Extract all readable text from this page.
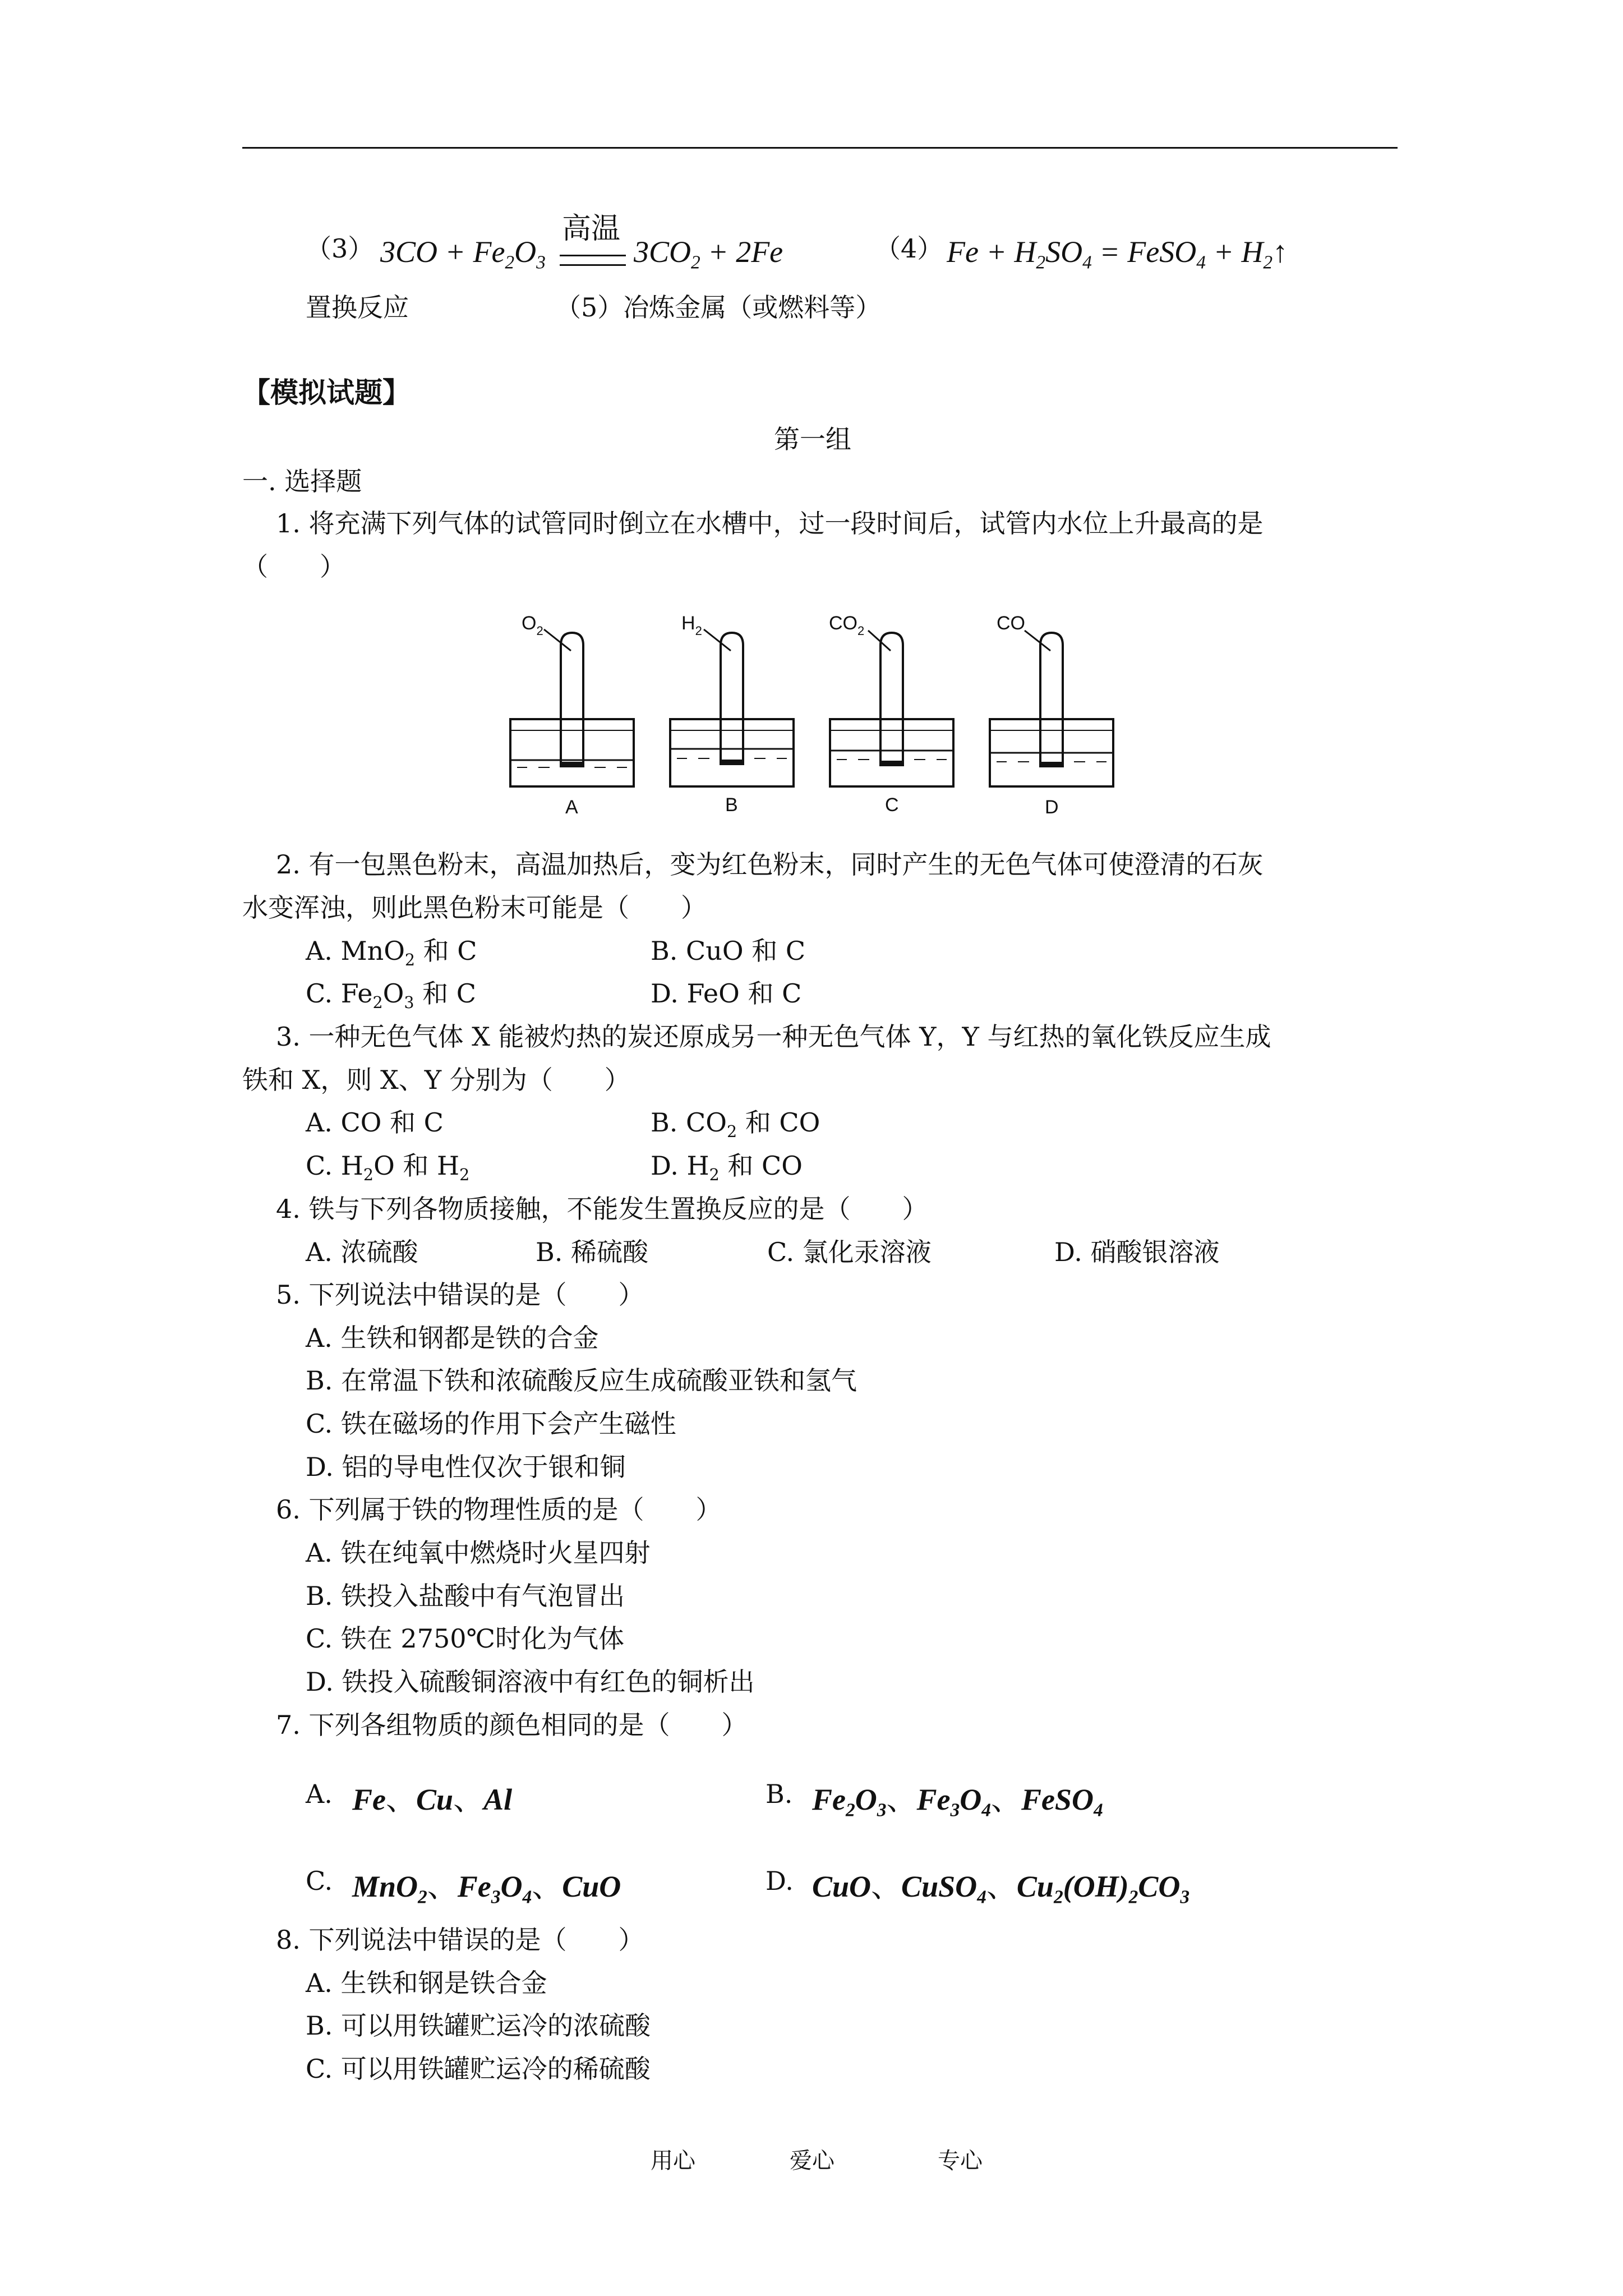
（3） $3CO + Fe_2O_3$
高温
$3CO_2 + 2Fe$	（4） $Fe + H_2SO_4$ = FeSO$_4$ + $H_2↑$
置换反应	（5）冶炼金属（或燃料等）
【模拟试题】
第一组
一. 选择题
1. 将充满下列气体的试管同时倒立在水槽中，过一段时间后，试管内水位上升最高的是
（　　）
$O_2$
A
$H_2$
B
$CO_2$
C
CO
D
2. 有一包黑色粉末，高温加热后，变为红色粉末，同时产生的无色气体可使澄清的石灰
水变浑浊，则此黑色粉末可能是（　　）
A. MnO$_2$ 和 C	B. CuO 和 C
C. $Fe_2O_3$ 和 C	D. FeO 和 C
3. 一种无色气体 X 能被灼热的炭还原成另一种无色气体 Y，Y 与红热的氧化铁反应生成
铁和 X，则 X、Y 分别为（　　）
A. CO 和 C	B. $CO_2$ 和 CO
C. $H_2O$ 和 $H_2$	D. $H_2$ 和 CO
4. 铁与下列各物质接触，不能发生置换反应的是（　　）
A. 浓硫酸	B. 稀硫酸	C. 氯化汞溶液	D. 硝酸银溶液
5. 下列说法中错误的是（　　）
A. 生铁和钢都是铁的合金
B. 在常温下铁和浓硫酸反应生成硫酸亚铁和氢气
C. 铁在磁场的作用下会产生磁性
D. 铝的导电性仅次于银和铜
6. 下列属于铁的物理性质的是（　　）
A. 铁在纯氧中燃烧时火星四射
B. 铁投入盐酸中有气泡冒出
C. 铁在 2750℃时化为气体
D. 铁投入硫酸铜溶液中有红色的铜析出
7. 下列各组物质的颜色相同的是（　　）
A. Fe、Cu、Al	B. $Fe_2O_3$、$Fe_3O_4$、FeSO$_4$
C. MnO$_2$、$Fe_3O_4$、CuO	D. CuO、CuSO$_4$、$Cu_2(OH)_2CO_3$
8. 下列说法中错误的是（　　）
A. 生铁和钢是铁合金
B. 可以用铁罐贮运冷的浓硫酸
C. 可以用铁罐贮运冷的稀硫酸
用心	爱心	专心
